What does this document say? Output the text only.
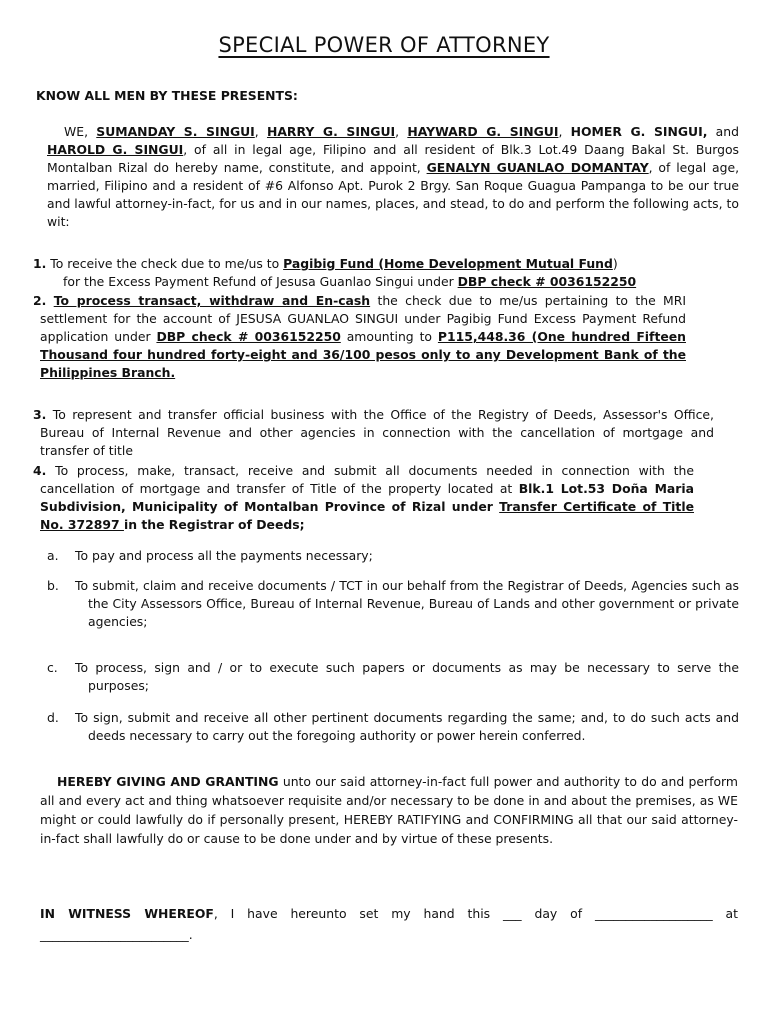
SPECIAL POWER OF ATTORNEY

KNOW ALL MEN BY THESE PRESENTS:

WE, SUMANDAY S. SINGUI, HARRY G. SINGUI, HAYWARD G. SINGUI, HOMER G. SINGUI, and HAROLD G. SINGUI, of all in legal age, Filipino and all resident of Blk.3 Lot.49 Daang Bakal St. Burgos Montalban Rizal do hereby name, constitute, and appoint, GENALYN GUANLAO DOMANTAY, of legal age, married, Filipino and a resident of #6 Alfonso Apt. Purok 2 Brgy. San Roque Guagua Pampanga to be our true and lawful attorney-in-fact, for us and in our names, places, and stead, to do and perform the following acts, to wit:

1. To receive the check due to me/us to Pagibig Fund (Home Development Mutual Fund)

for the Excess Payment Refund of Jesusa Guanlao Singui under DBP check # 0036152250

2. To process transact, withdraw and En-cash the check due to me/us pertaining to the MRI settlement for the account of JESUSA GUANLAO SINGUI under Pagibig Fund Excess Payment Refund application under DBP check # 0036152250 amounting to P115,448.36 (One hundred Fifteen Thousand four hundred forty-eight and 36/100 pesos only to any Development Bank of the Philippines Branch.

3. To represent and transfer official business with the Office of the Registry of Deeds, Assessor's Office, Bureau of Internal Revenue and other agencies in connection with the cancellation of mortgage and transfer of title

4. To process, make, transact, receive and submit all documents needed in connection with the cancellation of mortgage and transfer of Title of the property located at Blk.1 Lot.53 Doña Maria Subdivision, Municipality of Montalban Province of Rizal under Transfer Certificate of Title No. 372897 in the Registrar of Deeds;

a.	To pay and process all the payments necessary;

b.	To submit, claim and receive documents / TCT in our behalf from the Registrar of Deeds, Agencies such as the City Assessors Office, Bureau of Internal Revenue, Bureau of Lands and other government or private agencies;

c.	To process, sign and / or to execute such papers or documents as may be necessary to serve the purposes;

d.	To sign, submit and receive all other pertinent documents regarding the same; and, to do such acts and deeds necessary to carry out the foregoing authority or power herein conferred.

HEREBY GIVING AND GRANTING unto our said attorney-in-fact full power and authority to do and perform all and every act and thing whatsoever requisite and/or necessary to be done in and about the premises, as WE might or could lawfully do if personally present, HEREBY RATIFYING and CONFIRMING all that our said attorney-in-fact shall lawfully do or cause to be done under and by virtue of these presents.

IN WITNESS WHEREOF, I have hereunto set my hand this ___ day of ___________________ at

________________________.
